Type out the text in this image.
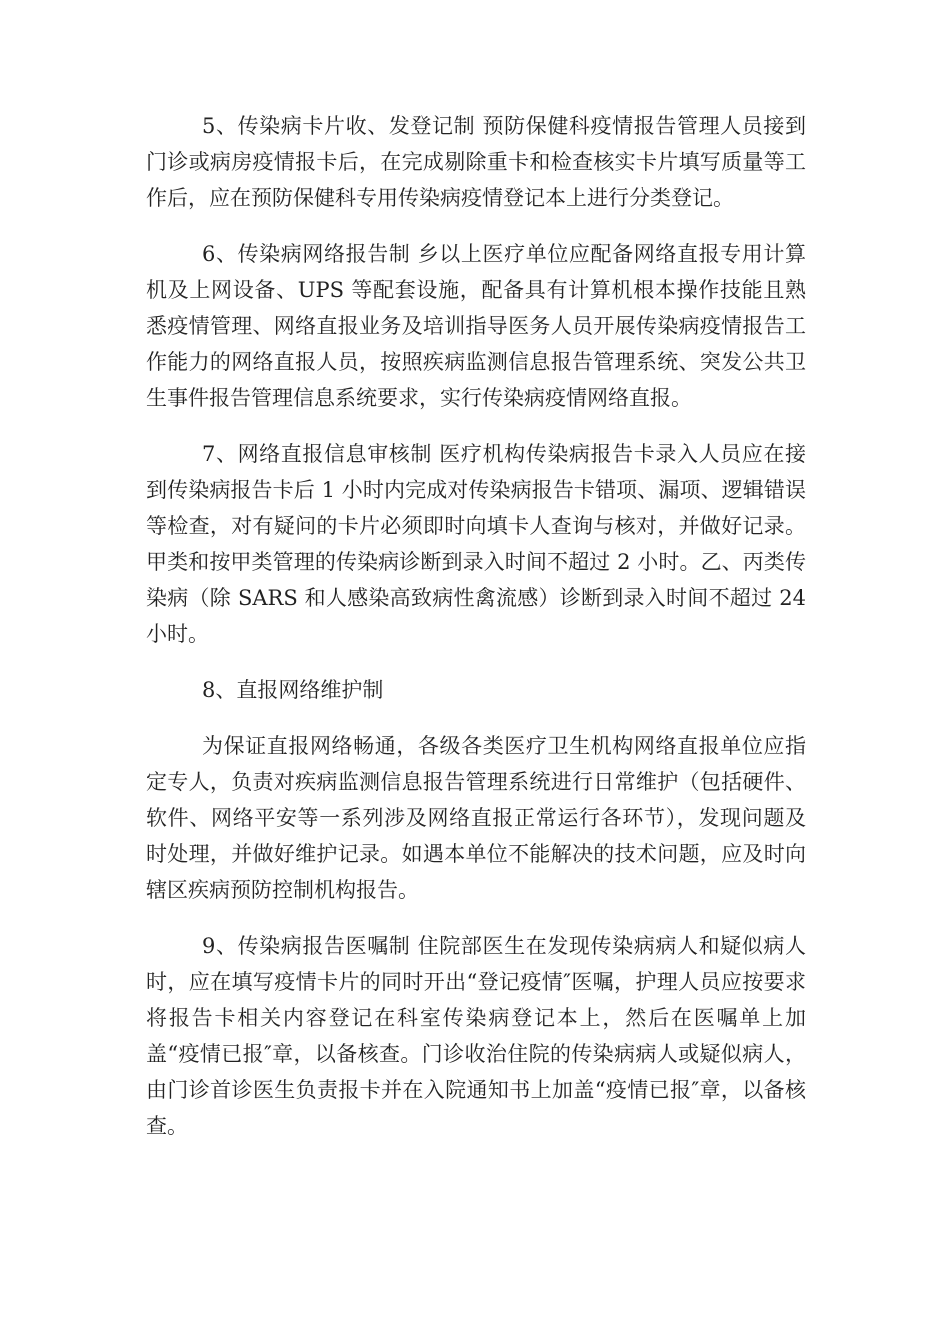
5、传染病卡片收、发登记制 预防保健科疫情报告管理人员接到门诊或病房疫情报卡后，在完成剔除重卡和检查核实卡片填写质量等工作后，应在预防保健科专用传染病疫情登记本上进行分类登记。

6、传染病网络报告制 乡以上医疗单位应配备网络直报专用计算机及上网设备、UPS 等配套设施，配备具有计算机根本操作技能且熟悉疫情管理、网络直报业务及培训指导医务人员开展传染病疫情报告工作能力的网络直报人员，按照疾病监测信息报告管理系统、突发公共卫生事件报告管理信息系统要求，实行传染病疫情网络直报。

7、网络直报信息审核制 医疗机构传染病报告卡录入人员应在接到传染病报告卡后 1 小时内完成对传染病报告卡错项、漏项、逻辑错误等检查，对有疑问的卡片必须即时向填卡人查询与核对，并做好记录。甲类和按甲类管理的传染病诊断到录入时间不超过 2 小时。乙、丙类传染病（除 SARS 和人感染高致病性禽流感）诊断到录入时间不超过 24 小时。

8、直报网络维护制

为保证直报网络畅通，各级各类医疗卫生机构网络直报单位应指定专人，负责对疾病监测信息报告管理系统进行日常维护（包括硬件、软件、网络平安等一系列涉及网络直报正常运行各环节），发现问题及时处理，并做好维护记录。如遇本单位不能解决的技术问题，应及时向辖区疾病预防控制机构报告。

9、传染病报告医嘱制 住院部医生在发现传染病病人和疑似病人时，应在填写疫情卡片的同时开出“登记疫情″医嘱，护理人员应按要求将报告卡相关内容登记在科室传染病登记本上，然后在医嘱单上加盖“疫情已报″章，以备核查。门诊收治住院的传染病病人或疑似病人，由门诊首诊医生负责报卡并在入院通知书上加盖“疫情已报″章，以备核查。
